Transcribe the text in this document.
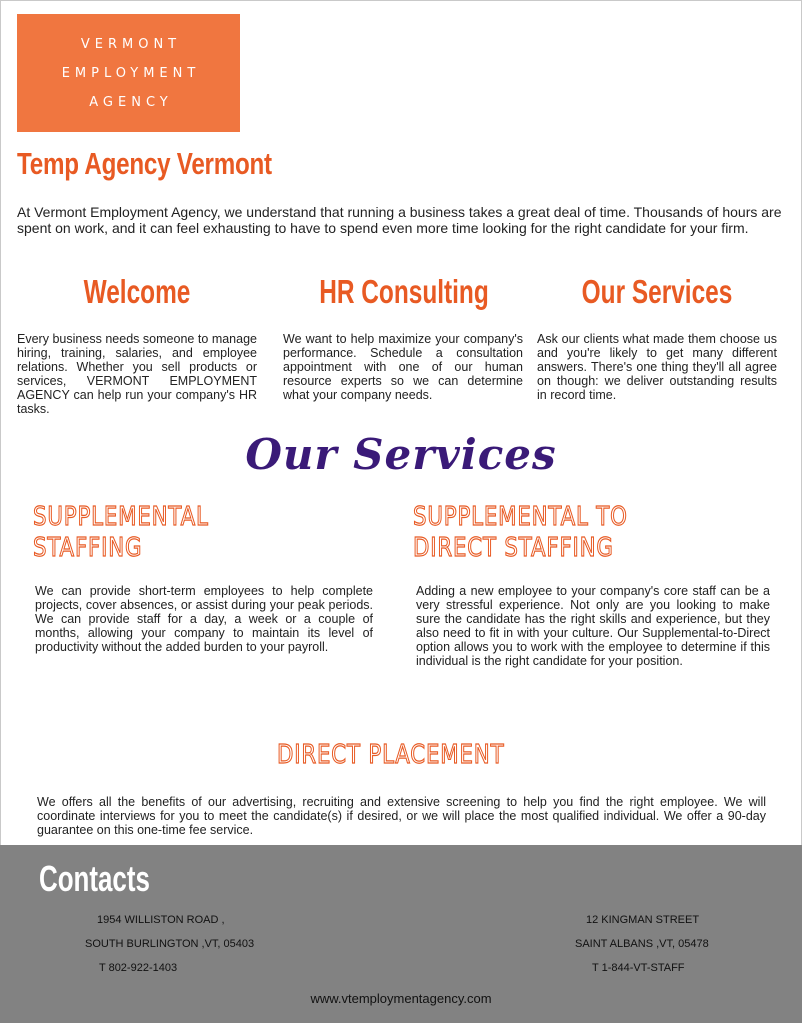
VERMONT
EMPLOYMENT
AGENCY
Temp Agency Vermont

At Vermont Employment Agency, we understand that running a business takes a great deal of time. Thousands of hours are spent on work, and it can feel exhausting to have to spend even more time looking for the right candidate for your firm.

Welcome

Every business needs someone to manage hiring, training, salaries, and employee relations. Whether you sell products or services, VERMONT EMPLOYMENT AGENCY can help run your company's HR tasks.

HR Consulting

We want to help maximize your company's performance. Schedule a consultation appointment with one of our human resource experts so we can determine what your company needs.

Our Services

Ask our clients what made them choose us and you're likely to get many different answers. There's one thing they'll all agree on though: we deliver outstanding results in record time.

Our Services
SUPPLEMENTAL
STAFFING

We can provide short-term employees to help complete projects, cover absences, or assist during your peak periods. We can provide staff for a day, a week or a couple of months, allowing your company to maintain its level of productivity without the added burden to your payroll.

SUPPLEMENTAL TO
DIRECT STAFFING

Adding a new employee to your company's core staff can be a very stressful experience. Not only are you looking to make sure the candidate has the right skills and experience, but they also need to fit in with your culture. Our Supplemental-to-Direct option allows you to work with the employee to determine if this individual is the right candidate for your position.

DIRECT PLACEMENT

We offers all the benefits of our advertising, recruiting and extensive screening to help you find the right employee. We will coordinate interviews for you to meet the candidate(s) if desired, or we will place the most qualified individual. We offer a 90-day guarantee on this one-time fee service.

Contacts
1954 WILLISTON ROAD ,
SOUTH BURLINGTON ,VT, 05403
T 802-922-1403
12 KINGMAN STREET
SAINT ALBANS ,VT, 05478
T 1-844-VT-STAFF
www.vtemploymentagency.com
